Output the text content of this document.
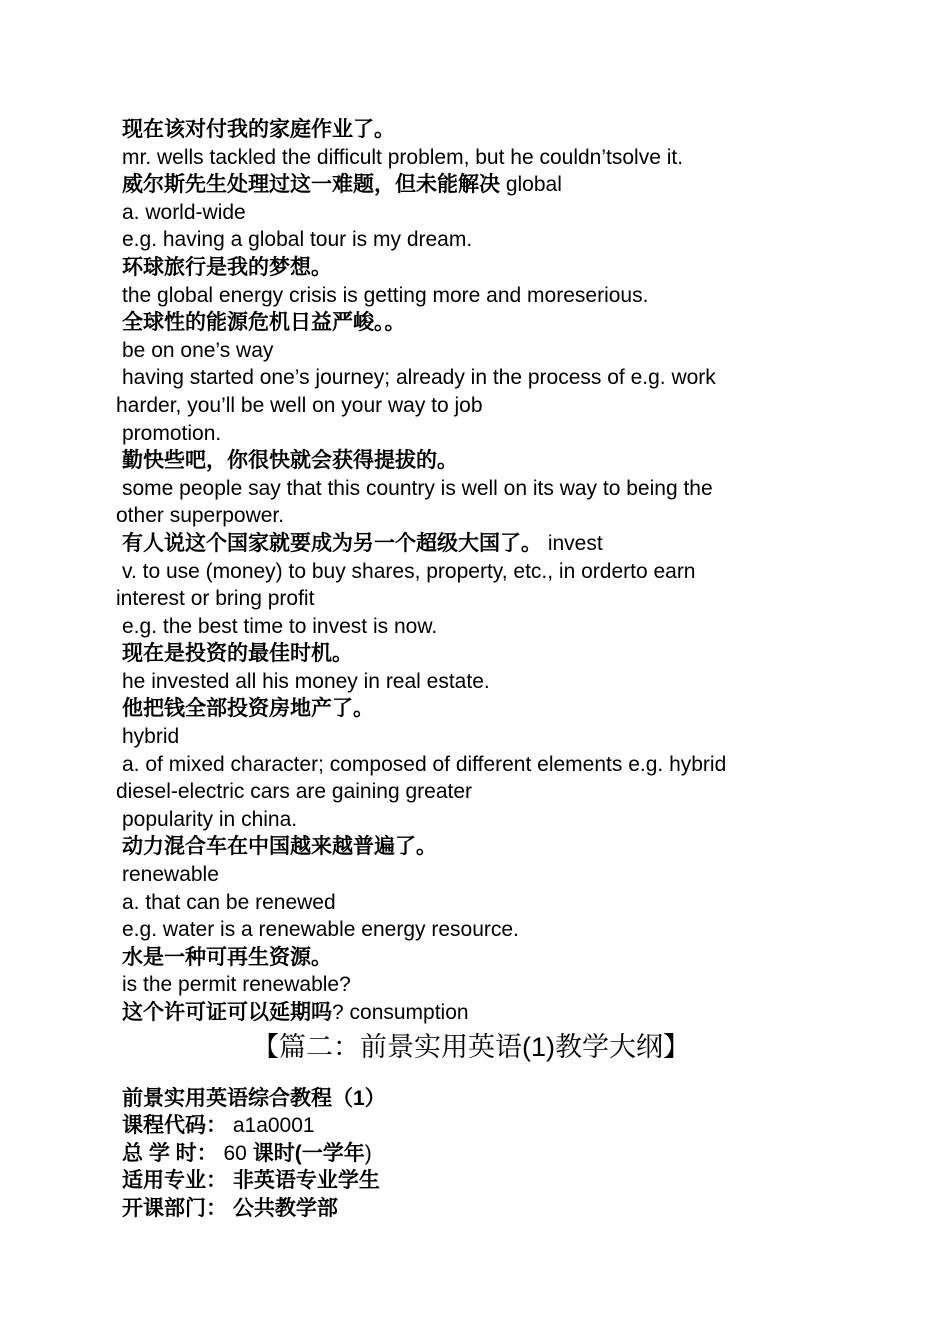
现在该对付我的家庭作业了。
mr. wells tackled the difficult problem, but he couldn’tsolve it.
威尔斯先生处理过这一难题，但未能解决 global
a. world-wide
e.g. having a global tour is my dream.
环球旅行是我的梦想。
the global energy crisis is getting more and moreserious.
全球性的能源危机日益严峻。。
be on one’s way
having started one’s journey; already in the process of e.g. work
harder, you’ll be well on your way to job
promotion.
勤快些吧，你很快就会获得提拔的。
some people say that this country is well on its way to being the
other superpower.
有人说这个国家就要成为另一个超级大国了。 invest
v. to use (money) to buy shares, property, etc., in orderto earn
interest or bring profit
e.g. the best time to invest is now.
现在是投资的最佳时机。
he invested all his money in real estate.
他把钱全部投资房地产了。
hybrid
a. of mixed character; composed of different elements e.g. hybrid
diesel-electric cars are gaining greater
popularity in china.
动力混合车在中国越来越普遍了。
renewable
a. that can be renewed
e.g. water is a renewable energy resource.
水是一种可再生资源。
is the permit renewable?
这个许可证可以延期吗? consumption
【篇二：前景实用英语(1)教学大纲】
前景实用英语综合教程（1）
课程代码： a1a0001
总 学 时： 60 课时(一学年)
适用专业： 非英语专业学生
开课部门： 公共教学部
